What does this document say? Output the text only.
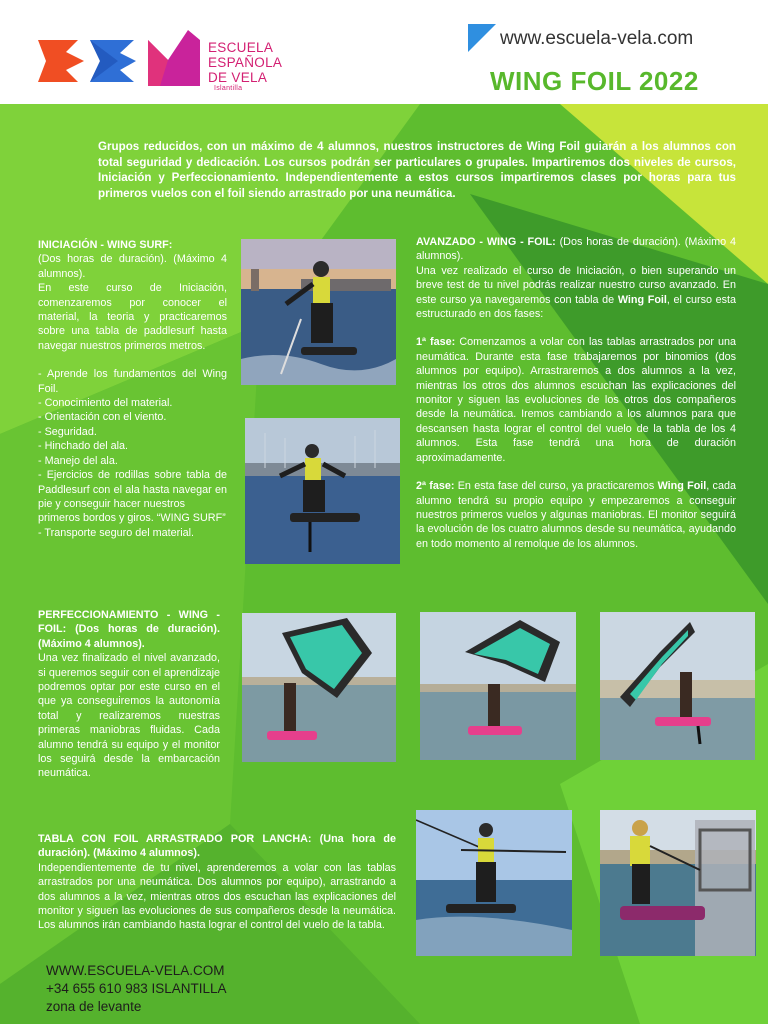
ESCUELA
ESPAÑOLA
DE VELA
Islantilla
www.escuela-vela.com
WING FOIL 2022

Grupos reducidos, con un máximo de 4 alumnos, nuestros instructores de Wing Foil guiarán a los alumnos con total seguridad y dedicación. Los cursos podrán ser particulares o grupales. Impartiremos dos niveles de cursos, Iniciación y Perfeccionamiento. Independientemente a estos cursos impartiremos clases por horas para tus primeros vuelos con el foil siendo arrastrado por una neumática.

INICIACIÓN - WING SURF:
(Dos horas de duración). (Máximo 4 alumnos).
En este curso de Iniciación, comenzaremos por conocer el material, la teoria y practicaremos sobre una tabla de paddlesurf hasta navegar nuestros primeros metros.
- Aprende los fundamentos del Wing Foil.
- Conocimiento del material.
- Orientación con el viento.
- Seguridad.
- Hinchado del ala.
- Manejo del ala.
- Ejercicios de rodillas sobre tabla de Paddlesurf con el ala hasta navegar en pie y conseguir hacer nuestros
primeros bordos y giros. “WING SURF”
- Transporte seguro del material.
AVANZADO - WING - FOIL: (Dos horas de duración). (Máximo 4 alumnos).
Una vez realizado el curso de Iniciación, o bien superando un breve test de tu nivel podrás realizar nuestro curso avanzado. En este curso ya navegaremos con tabla de Wing Foil, el curso esta estructurado en dos fases:
1ª fase: Comenzamos a volar con las tablas arrastrados por una neumática. Durante esta fase trabajaremos por binomios (dos alumnos por equipo). Arrastraremos a dos alumnos a la vez, mientras los otros dos alumnos escuchan las explicaciones del monitor y siguen las evoluciones de los otros dos compañeros desde la neumática. Iremos cambiando a los alumnos para que descansen hasta lograr el control del vuelo de la tabla de los 4 alumnos. Esta fase tendrá una hora de duración aproximadamente.
2ª fase: En esta fase del curso, ya practicaremos Wing Foil, cada alumno tendrá su propio equipo y empezaremos a conseguir nuestros primeros vuelos y algunas maniobras. El monitor seguirá la evolución de los cuatro alumnos desde su neumática, ayudando en todo momento al remolque de los alumnos.
PERFECCIONAMIENTO - WING - FOIL: (Dos horas de duración). (Máximo 4 alumnos).
Una vez finalizado el nivel avanzado, si queremos seguir con el aprendizaje podremos optar por este curso en el que ya conseguiremos la autonomía total y realizaremos nuestras primeras maniobras fluidas. Cada alumno tendrá su equipo y el monitor los seguirá desde la embarcación neumática.
TABLA CON FOIL ARRASTRADO POR LANCHA: (Una hora de duración). (Máximo 4 alumnos).
Independientemente de tu nivel, aprenderemos a volar con las tablas arrastrados por una neumática. Dos alumnos por equipo), arrastrando a dos alumnos a la vez, mientras otros dos escuchan las explicaciones del monitor y siguen las evoluciones de sus compañeros desde la neumática. Los alumnos irán cambiando hasta lograr el control del vuelo de la tabla.
WWW.ESCUELA-VELA.COM
+34 655 610 983 ISLANTILLA
zona de levante
